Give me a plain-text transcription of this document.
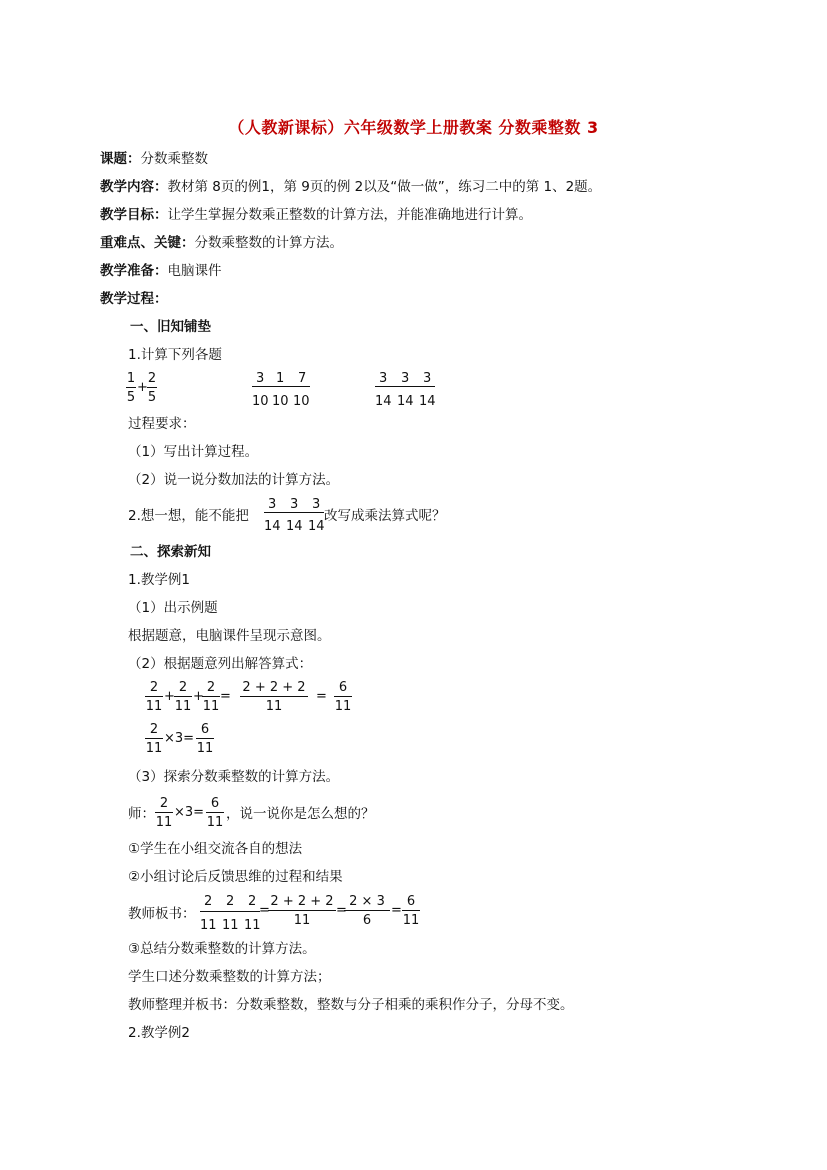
（人教新课标）六年级数学上册教案 分数乘整数 3
课题：分数乘整数
教学内容：教材第 8页的例1，第 9页的例 2以及“做一做”，练习二中的第 1、2题。
教学目标：让学生掌握分数乘正整数的计算方法，并能准确地进行计算。
重难点、关键：分数乘整数的计算方法。
教学准备：电脑课件
教学过程：
一、旧知铺垫
1.计算下列各题
$\frac{1}{5} + \frac{2}{5}$	3 1 7
10 10 10
3 3 3
14 14 14
过程要求：
（1）写出计算过程。
（2）说一说分数加法的计算方法。
2.想一想，能不能把
3 3 3
14 14 14
改写成乘法算式呢？
二、探索新知
1.教学例1
（1）出示例题
根据题意，电脑课件呈现示意图。
（2）根据题意列出解答算式：
$\frac{2}{11} + \frac{2}{11}$ +
$\frac{2}{11} = \frac{2 + 2 + 2}{11} = \frac{6}{11}$
$\frac{2}{11} \times 3= \frac{6}{11}$
（3）探索分数乘整数的计算方法。
师： $\frac{2}{11} \times 3= \frac{6}{11}$ ，说一说你是怎么想的？
①学生在小组交流各自的想法
②小组讨论后反馈思维的过程和结果
教师板书：
2 2 2
11 11 11
=
$\frac{2 + 2 + 2}{11}$ =
$\frac{2 \times 3}{6} = \frac{6}{11}$
③总结分数乘整数的计算方法。
学生口述分数乘整数的计算方法；
教师整理并板书：分数乘整数，整数与分子相乘的乘积作分子，分母不变。
2.教学例2
